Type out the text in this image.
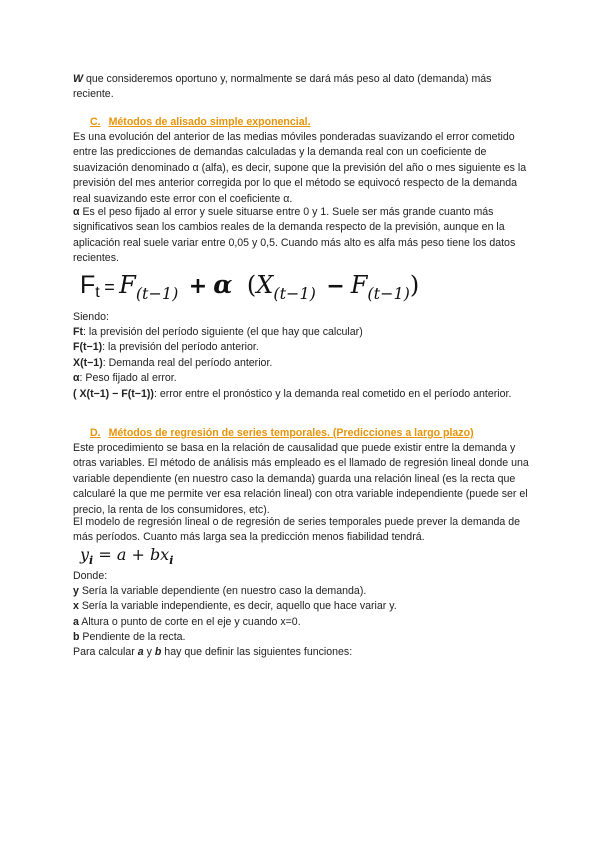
W que consideremos oportuno y, normalmente se dará más peso al dato (demanda) más reciente.

C. Métodos de alisado simple exponencial.

Es una evolución del anterior de las medias móviles ponderadas suavizando el error cometido entre las predicciones de demandas calculadas y la demanda real con un coeficiente de suavización denominado α (alfa), es decir, supone que la previsión del año o mes siguiente es la previsión del mes anterior corregida por lo que el método se equivocó respecto de la demanda real suavizando este error con el coeficiente α.

α Es el peso fijado al error y suele situarse entre 0 y 1. Suele ser más grande cuanto más significativos sean los cambios reales de la demanda respecto de la previsión, aunque en la aplicación real suele variar entre 0,05 y 0,5. Cuando más alto es alfa más peso tiene los datos recientes.

Ft = F(t−1) + α (X(t−1) − F(t−1))

Siendo:

Ft: la previsión del período siguiente (el que hay que calcular)
F(t−1): la previsión del período anterior.
X(t−1): Demanda real del período anterior.
α: Peso fijado al error.
( X(t−1) − F(t−1)): error entre el pronóstico y la demanda real cometido en el período anterior.

D. Métodos de regresión de series temporales. (Predicciones a largo plazo)

Este procedimiento se basa en la relación de causalidad que puede existir entre la demanda y otras variables. El método de análisis más empleado es el llamado de regresión lineal donde una variable dependiente (en nuestro caso la demanda) guarda una relación lineal (es la recta que calcularé la que me permite ver esa relación lineal) con otra variable independiente (puede ser el precio, la renta de los consumidores, etc).

El modelo de regresión lineal o de regresión de series temporales puede prever la demanda de más períodos. Cuanto más larga sea la predicción menos fiabilidad tendrá.

$y_i = a + bx_i$

Donde:

y Sería la variable dependiente (en nuestro caso la demanda).
x Sería la variable independiente, es decir, aquello que hace variar y.
a Altura o punto de corte en el eje y cuando x=0.
b Pendiente de la recta.

Para calcular a y b hay que definir las siguientes funciones:
